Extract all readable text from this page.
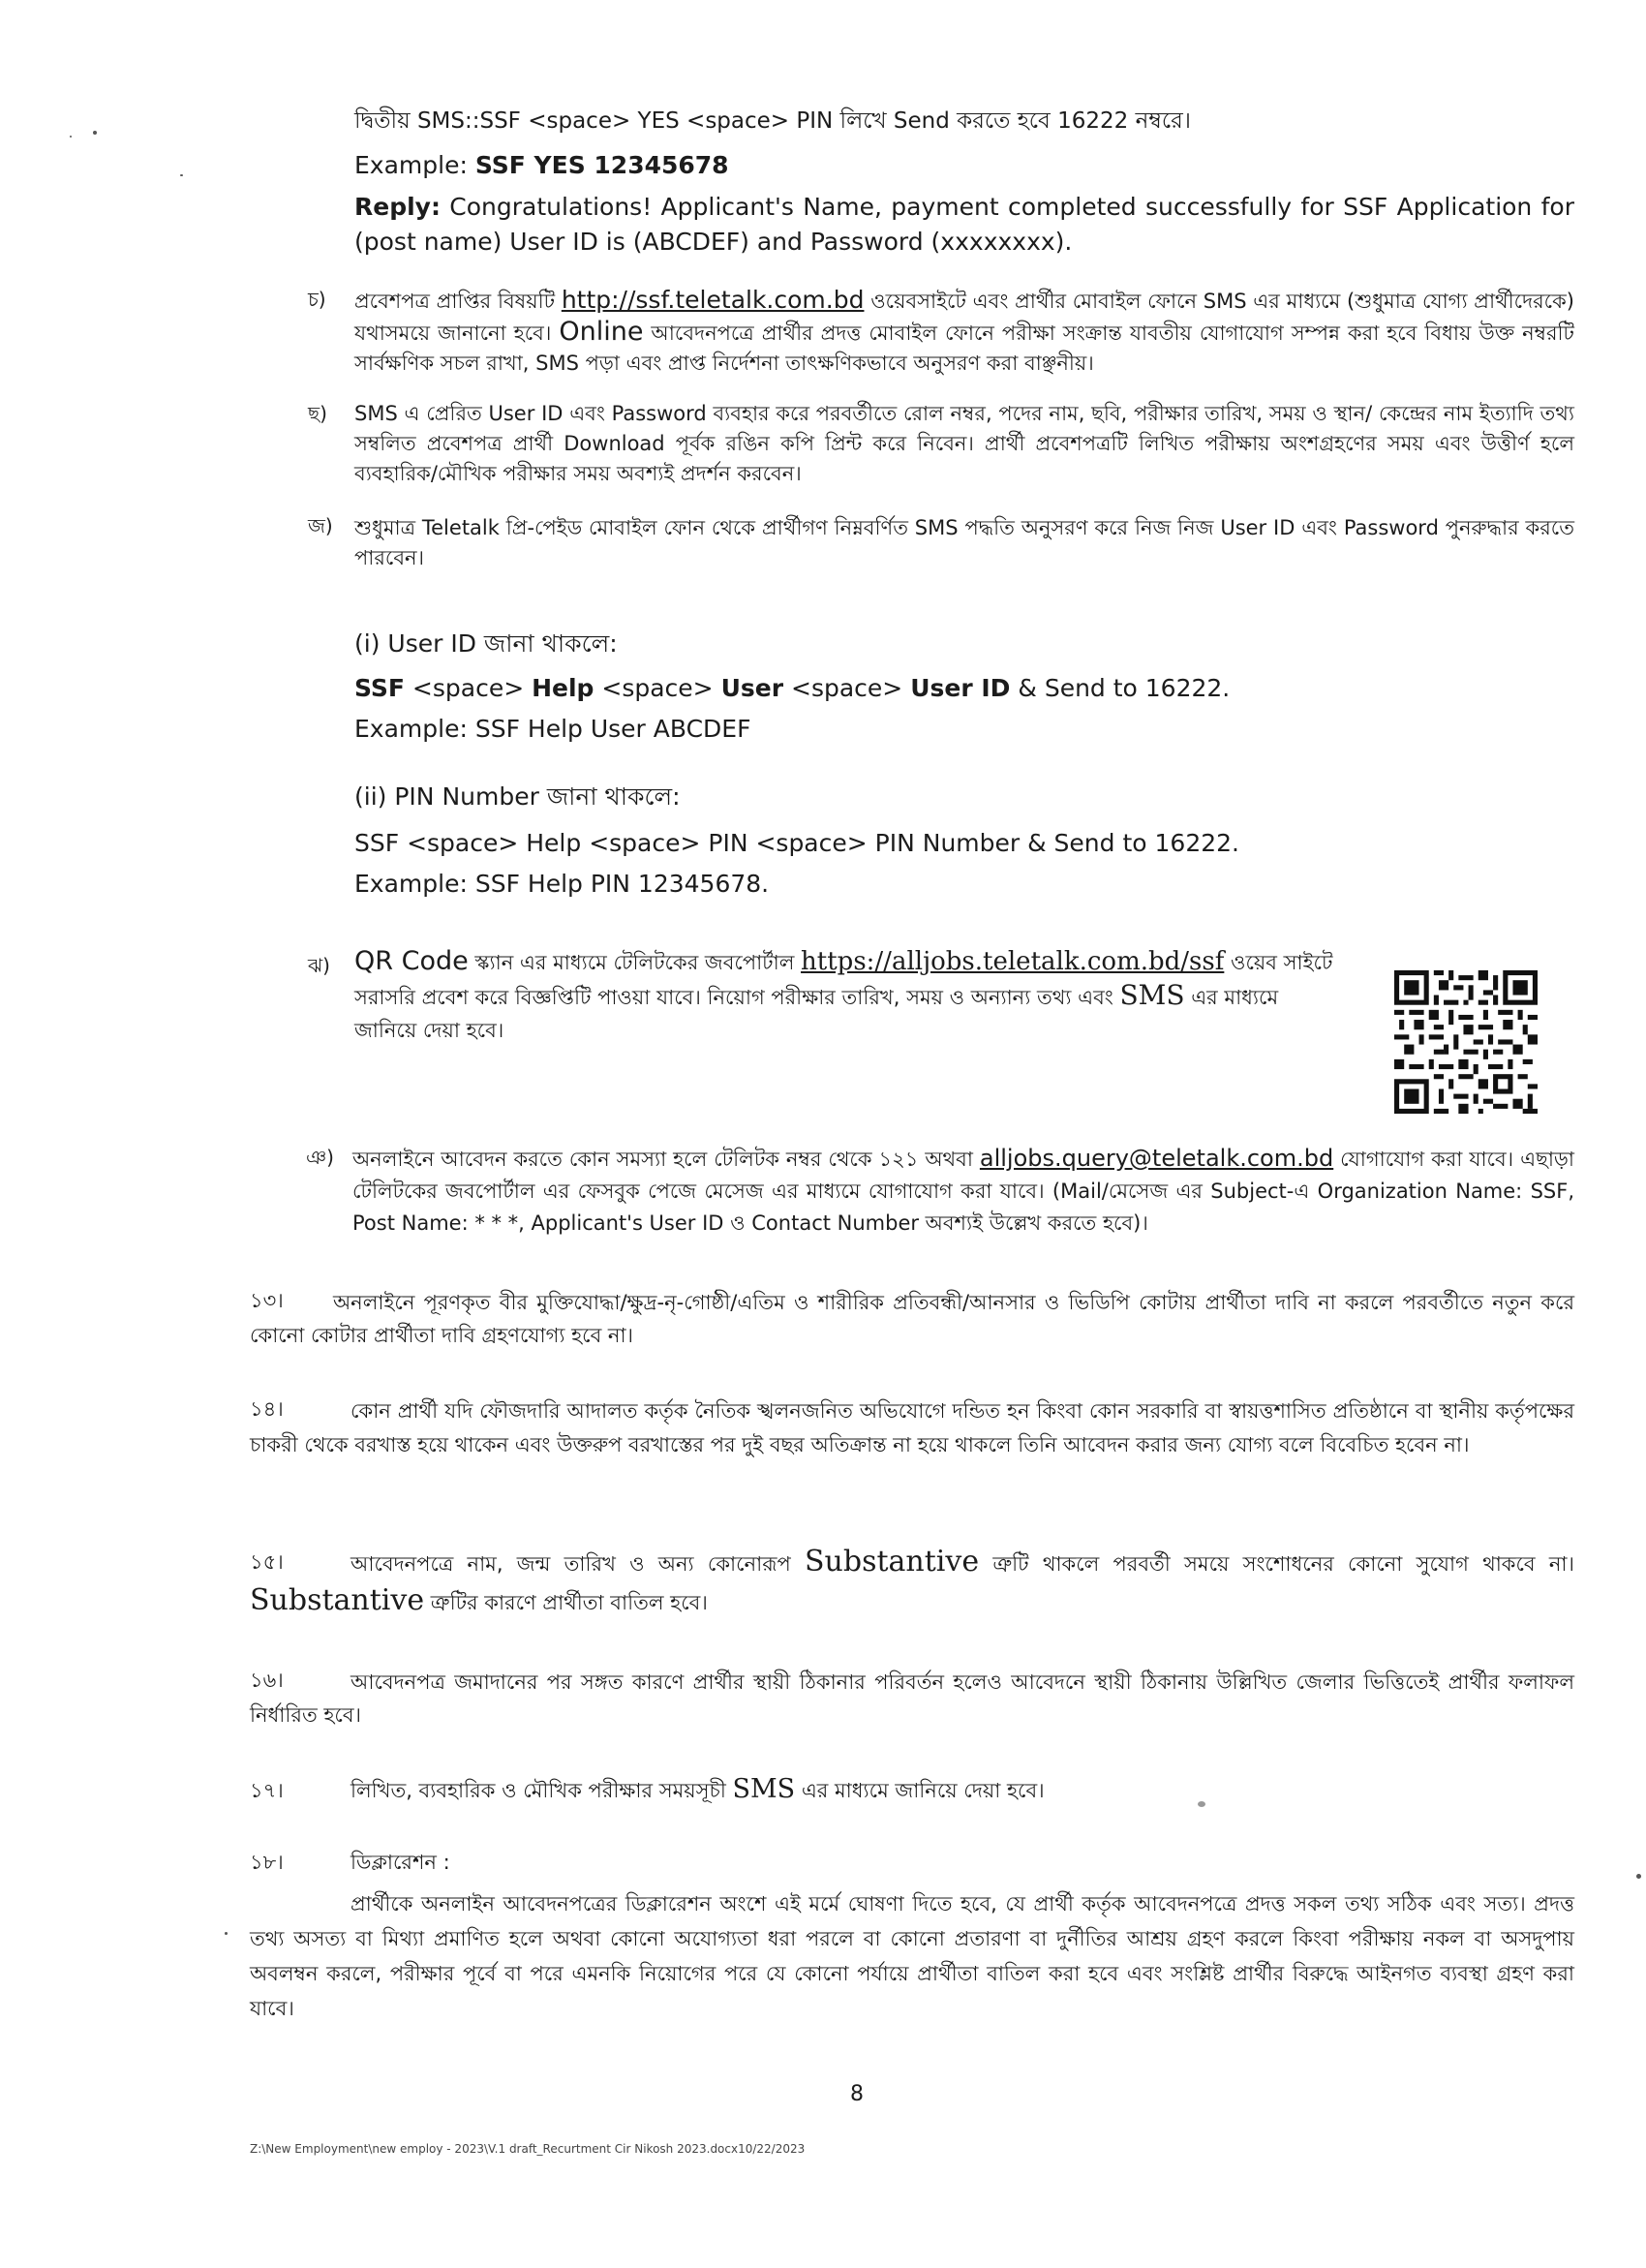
দ্বিতীয় SMS::SSF <space> YES <space> PIN লিখে Send করতে হবে 16222 নম্বরে।
Example: SSF YES 12345678
Reply: Congratulations! Applicant's Name, payment completed successfully for SSF Application for (post name) User ID is (ABCDEF) and Password (xxxxxxxx).
চ) প্রবেশপত্র প্রাপ্তির বিষয়টি http://ssf.teletalk.com.bd ওয়েবসাইটে এবং প্রার্থীর মোবাইল ফোনে SMS এর মাধ্যমে (শুধুমাত্র যোগ্য প্রার্থীদেরকে) যথাসময়ে জানানো হবে। Online আবেদনপত্রে প্রার্থীর প্রদত্ত মোবাইল ফোনে পরীক্ষা সংক্রান্ত যাবতীয় যোগাযোগ সম্পন্ন করা হবে বিধায় উক্ত নম্বরটি সার্বক্ষণিক সচল রাখা, SMS পড়া এবং প্রাপ্ত নির্দেশনা তাৎক্ষণিকভাবে অনুসরণ করা বাঞ্ছনীয়।
ছ) SMS এ প্রেরিত User ID এবং Password ব্যবহার করে পরবর্তীতে রোল নম্বর, পদের নাম, ছবি, পরীক্ষার তারিখ, সময় ও স্থান/ কেন্দ্রের নাম ইত্যাদি তথ্য সম্বলিত প্রবেশপত্র প্রার্থী Download পূর্বক রঙিন কপি প্রিন্ট করে নিবেন। প্রার্থী প্রবেশপত্রটি লিখিত পরীক্ষায় অংশগ্রহণের সময় এবং উত্তীর্ণ হলে ব্যবহারিক/মৌখিক পরীক্ষার সময় অবশ্যই প্রদর্শন করবেন।
জ) শুধুমাত্র Teletalk প্রি-পেইড মোবাইল ফোন থেকে প্রার্থীগণ নিম্নবর্ণিত SMS পদ্ধতি অনুসরণ করে নিজ নিজ User ID এবং Password পুনরুদ্ধার করতে পারবেন।
(i) User ID জানা থাকলে:
SSF <space> Help <space> User <space> User ID & Send to 16222.
Example: SSF Help User ABCDEF
(ii) PIN Number জানা থাকলে:
SSF <space> Help <space> PIN <space> PIN Number & Send to 16222.
Example: SSF Help PIN 12345678.
ঝ) QR Code স্ক্যান এর মাধ্যমে টেলিটকের জবপোর্টাল https://alljobs.teletalk.com.bd/ssf ওয়েব সাইটে সরাসরি প্রবেশ করে বিজ্ঞপ্তিটি পাওয়া যাবে। নিয়োগ পরীক্ষার তারিখ, সময় ও অন্যান্য তথ্য এবং SMS এর মাধ্যমে জানিয়ে দেয়া হবে।
ঞ) অনলাইনে আবেদন করতে কোন সমস্যা হলে টেলিটক নম্বর থেকে ১২১ অথবা alljobs.query@teletalk.com.bd যোগাযোগ করা যাবে। এছাড়া টেলিটকের জবপোর্টাল এর ফেসবুক পেজে মেসেজ এর মাধ্যমে যোগাযোগ করা যাবে। (Mail/মেসেজ এর Subject-এ Organization Name: SSF, Post Name: * * *, Applicant's User ID ও Contact Number অবশ্যই উল্লেখ করতে হবে)।
১৩।	অনলাইনে পূরণকৃত বীর মুক্তিযোদ্ধা/ক্ষুদ্র-নৃ-গোষ্ঠী/এতিম ও শারীরিক প্রতিবন্ধী/আনসার ও ভিডিপি কোটায় প্রার্থীতা দাবি না করলে পরবর্তীতে নতুন করে কোনো কোটার প্রার্থীতা দাবি গ্রহণযোগ্য হবে না।
১৪।	কোন প্রার্থী যদি ফৌজদারি আদালত কর্তৃক নৈতিক স্খলনজনিত অভিযোগে দন্ডিত হন কিংবা কোন সরকারি বা স্বায়ত্তশাসিত প্রতিষ্ঠানে বা স্থানীয় কর্তৃপক্ষের চাকরী থেকে বরখাস্ত হয়ে থাকেন এবং উক্তরুপ বরখাস্তের পর দুই বছর অতিক্রান্ত না হয়ে থাকলে তিনি আবেদন করার জন্য যোগ্য বলে বিবেচিত হবেন না।
১৫।	আবেদনপত্রে নাম, জন্ম তারিখ ও অন্য কোনোরূপ Substantive ত্রুটি থাকলে পরবর্তী সময়ে সংশোধনের কোনো সুযোগ থাকবে না। Substantive ত্রুটির কারণে প্রার্থীতা বাতিল হবে।
১৬।	আবেদনপত্র জমাদানের পর সঙ্গত কারণে প্রার্থীর স্থায়ী ঠিকানার পরিবর্তন হলেও আবেদনে স্থায়ী ঠিকানায় উল্লিখিত জেলার ভিত্তিতেই প্রার্থীর ফলাফল নির্ধারিত হবে।
১৭।	লিখিত, ব্যবহারিক ও মৌখিক পরীক্ষার সময়সূচী SMS এর মাধ্যমে জানিয়ে দেয়া হবে।
১৮।	ডিক্লারেশন :
প্রার্থীকে অনলাইন আবেদনপত্রের ডিক্লারেশন অংশে এই মর্মে ঘোষণা দিতে হবে, যে প্রার্থী কর্তৃক আবেদনপত্রে প্রদত্ত সকল তথ্য সঠিক এবং সত্য। প্রদত্ত তথ্য অসত্য বা মিথ্যা প্রমাণিত হলে অথবা কোনো অযোগ্যতা ধরা পরলে বা কোনো প্রতারণা বা দুর্নীতির আশ্রয় গ্রহণ করলে কিংবা পরীক্ষায় নকল বা অসদুপায় অবলম্বন করলে, পরীক্ষার পূর্বে বা পরে এমনকি নিয়োগের পরে যে কোনো পর্যায়ে প্রার্থীতা বাতিল করা হবে এবং সংশ্লিষ্ট প্রার্থীর বিরুদ্ধে আইনগত ব্যবস্থা গ্রহণ করা যাবে।
8
Z:\New Employment\new employ - 2023\V.1 draft_Recurtment Cir Nikosh 2023.docx10/22/2023
